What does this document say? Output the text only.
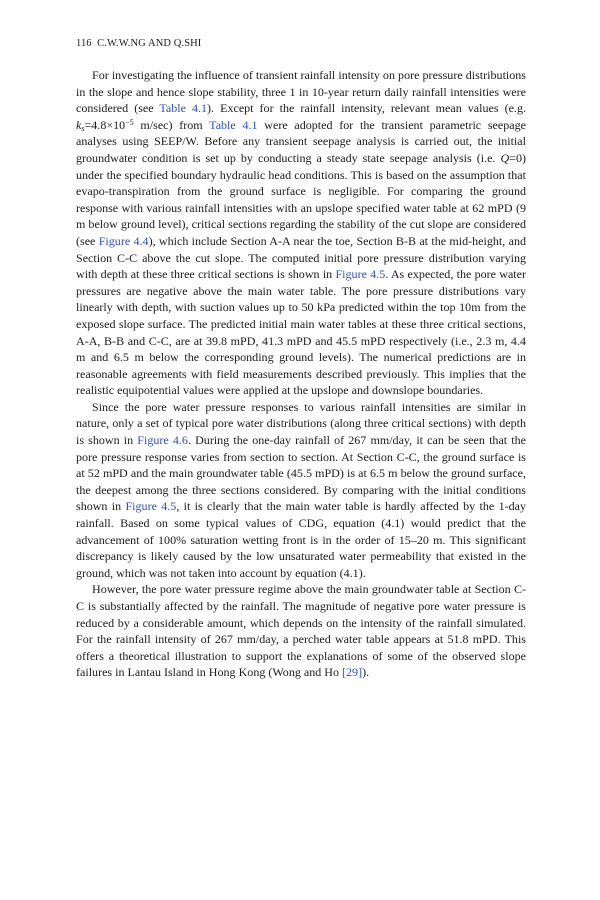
116 C.W.W.NG AND Q.SHI

For investigating the influence of transient rainfall intensity on pore pressure distributions in the slope and hence slope stability, three 1 in 10-year return daily rainfall intensities were considered (see Table 4.1). Except for the rainfall intensity, relevant mean values (e.g. $k_s=4.8\times 10^{-5}$ m/sec) from Table 4.1 were adopted for the transient parametric seepage analyses using SEEP/W. Before any transient seepage analysis is carried out, the initial groundwater condition is set up by conducting a steady state seepage analysis (i.e. Q=0) under the specified boundary hydraulic head conditions. This is based on the assumption that evapo-transpiration from the ground surface is negligible. For comparing the ground response with various rainfall intensities with an upslope specified water table at 62 mPD (9 m below ground level), critical sections regarding the stability of the cut slope are considered (see Figure 4.4), which include Section A-A near the toe, Section B-B at the mid-height, and Section C-C above the cut slope. The computed initial pore pressure distribution varying with depth at these three critical sections is shown in Figure 4.5. As expected, the pore water pressures are negative above the main water table. The pore pressure distributions vary linearly with depth, with suction values up to 50 kPa predicted within the top 10m from the exposed slope surface. The predicted initial main water tables at these three critical sections, A-A, B-B and C-C, are at 39.8 mPD, 41.3 mPD and 45.5 mPD respectively (i.e., 2.3 m, 4.4 m and 6.5 m below the corresponding ground levels). The numerical predictions are in reasonable agreements with field measurements described previously. This implies that the realistic equipotential values were applied at the upslope and downslope boundaries.

Since the pore water pressure responses to various rainfall intensities are similar in nature, only a set of typical pore water distributions (along three critical sections) with depth is shown in Figure 4.6. During the one-day rainfall of 267 mm/day, it can be seen that the pore pressure response varies from section to section. At Section C-C, the ground surface is at 52 mPD and the main groundwater table (45.5 mPD) is at 6.5 m below the ground surface, the deepest among the three sections considered. By comparing with the initial conditions shown in Figure 4.5, it is clearly that the main water table is hardly affected by the 1-day rainfall. Based on some typical values of CDG, equation (4.1) would predict that the advancement of 100% saturation wetting front is in the order of 15–20 m. This significant discrepancy is likely caused by the low unsaturated water permeability that existed in the ground, which was not taken into account by equation (4.1).

However, the pore water pressure regime above the main groundwater table at Section C-C is substantially affected by the rainfall. The magnitude of negative pore water pressure is reduced by a considerable amount, which depends on the intensity of the rainfall simulated. For the rainfall intensity of 267 mm/day, a perched water table appears at 51.8 mPD. This offers a theoretical illustration to support the explanations of some of the observed slope failures in Lantau Island in Hong Kong (Wong and Ho [29]).
